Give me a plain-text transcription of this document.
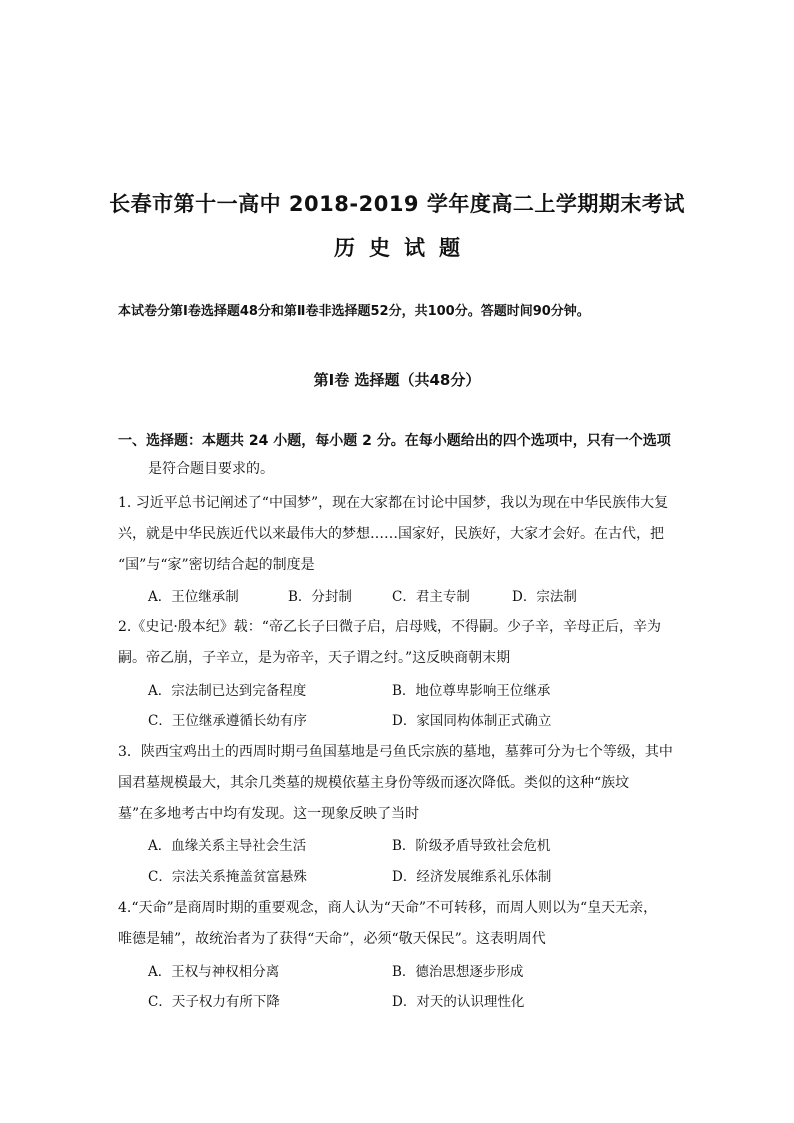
长春市第十一高中 2018-2019 学年度高二上学期期末考试
历史试题
本试卷分第Ⅰ卷选择题48分和第Ⅱ卷非选择题52分，共100分。答题时间90分钟。
第Ⅰ卷 选择题（共48分）
一、选择题：本题共 24 小题，每小题 2 分。在每小题给出的四个选项中，只有一个选项
是符合题目要求的。
1. 习近平总书记阐述了“中国梦”，现在大家都在讨论中国梦，我以为现在中华民族伟大复
兴，就是中华民族近代以来最伟大的梦想……国家好，民族好，大家才会好。在古代，把
“国”与“家”密切结合起的制度是
A．王位继承制	B．分封制	C．君主专制	D．宗法制
2.《史记·殷本纪》载：“帝乙长子曰微子启，启母贱，不得嗣。少子辛，辛母正后，辛为
嗣。帝乙崩，子辛立，是为帝辛，天子谓之纣。”这反映商朝末期
A．宗法制已达到完备程度	B．地位尊卑影响王位继承
C．王位继承遵循长幼有序	D．家国同构体制正式确立
3．陕西宝鸡出土的西周时期弓鱼国墓地是弓鱼氏宗族的墓地，墓葬可分为七个等级，其中
国君墓规模最大，其余几类墓的规模依墓主身份等级而逐次降低。类似的这种“族坟
墓”在多地考古中均有发现。这一现象反映了当时
A．血缘关系主导社会生活	B．阶级矛盾导致社会危机
C．宗法关系掩盖贫富悬殊	D．经济发展维系礼乐体制
4.“天命”是商周时期的重要观念，商人认为“天命”不可转移，而周人则以为“皇天无亲，
唯德是辅”，故统治者为了获得“天命”，必须“敬天保民”。这表明周代
A．王权与神权相分离	B．德治思想逐步形成
C．天子权力有所下降	D．对天的认识理性化
